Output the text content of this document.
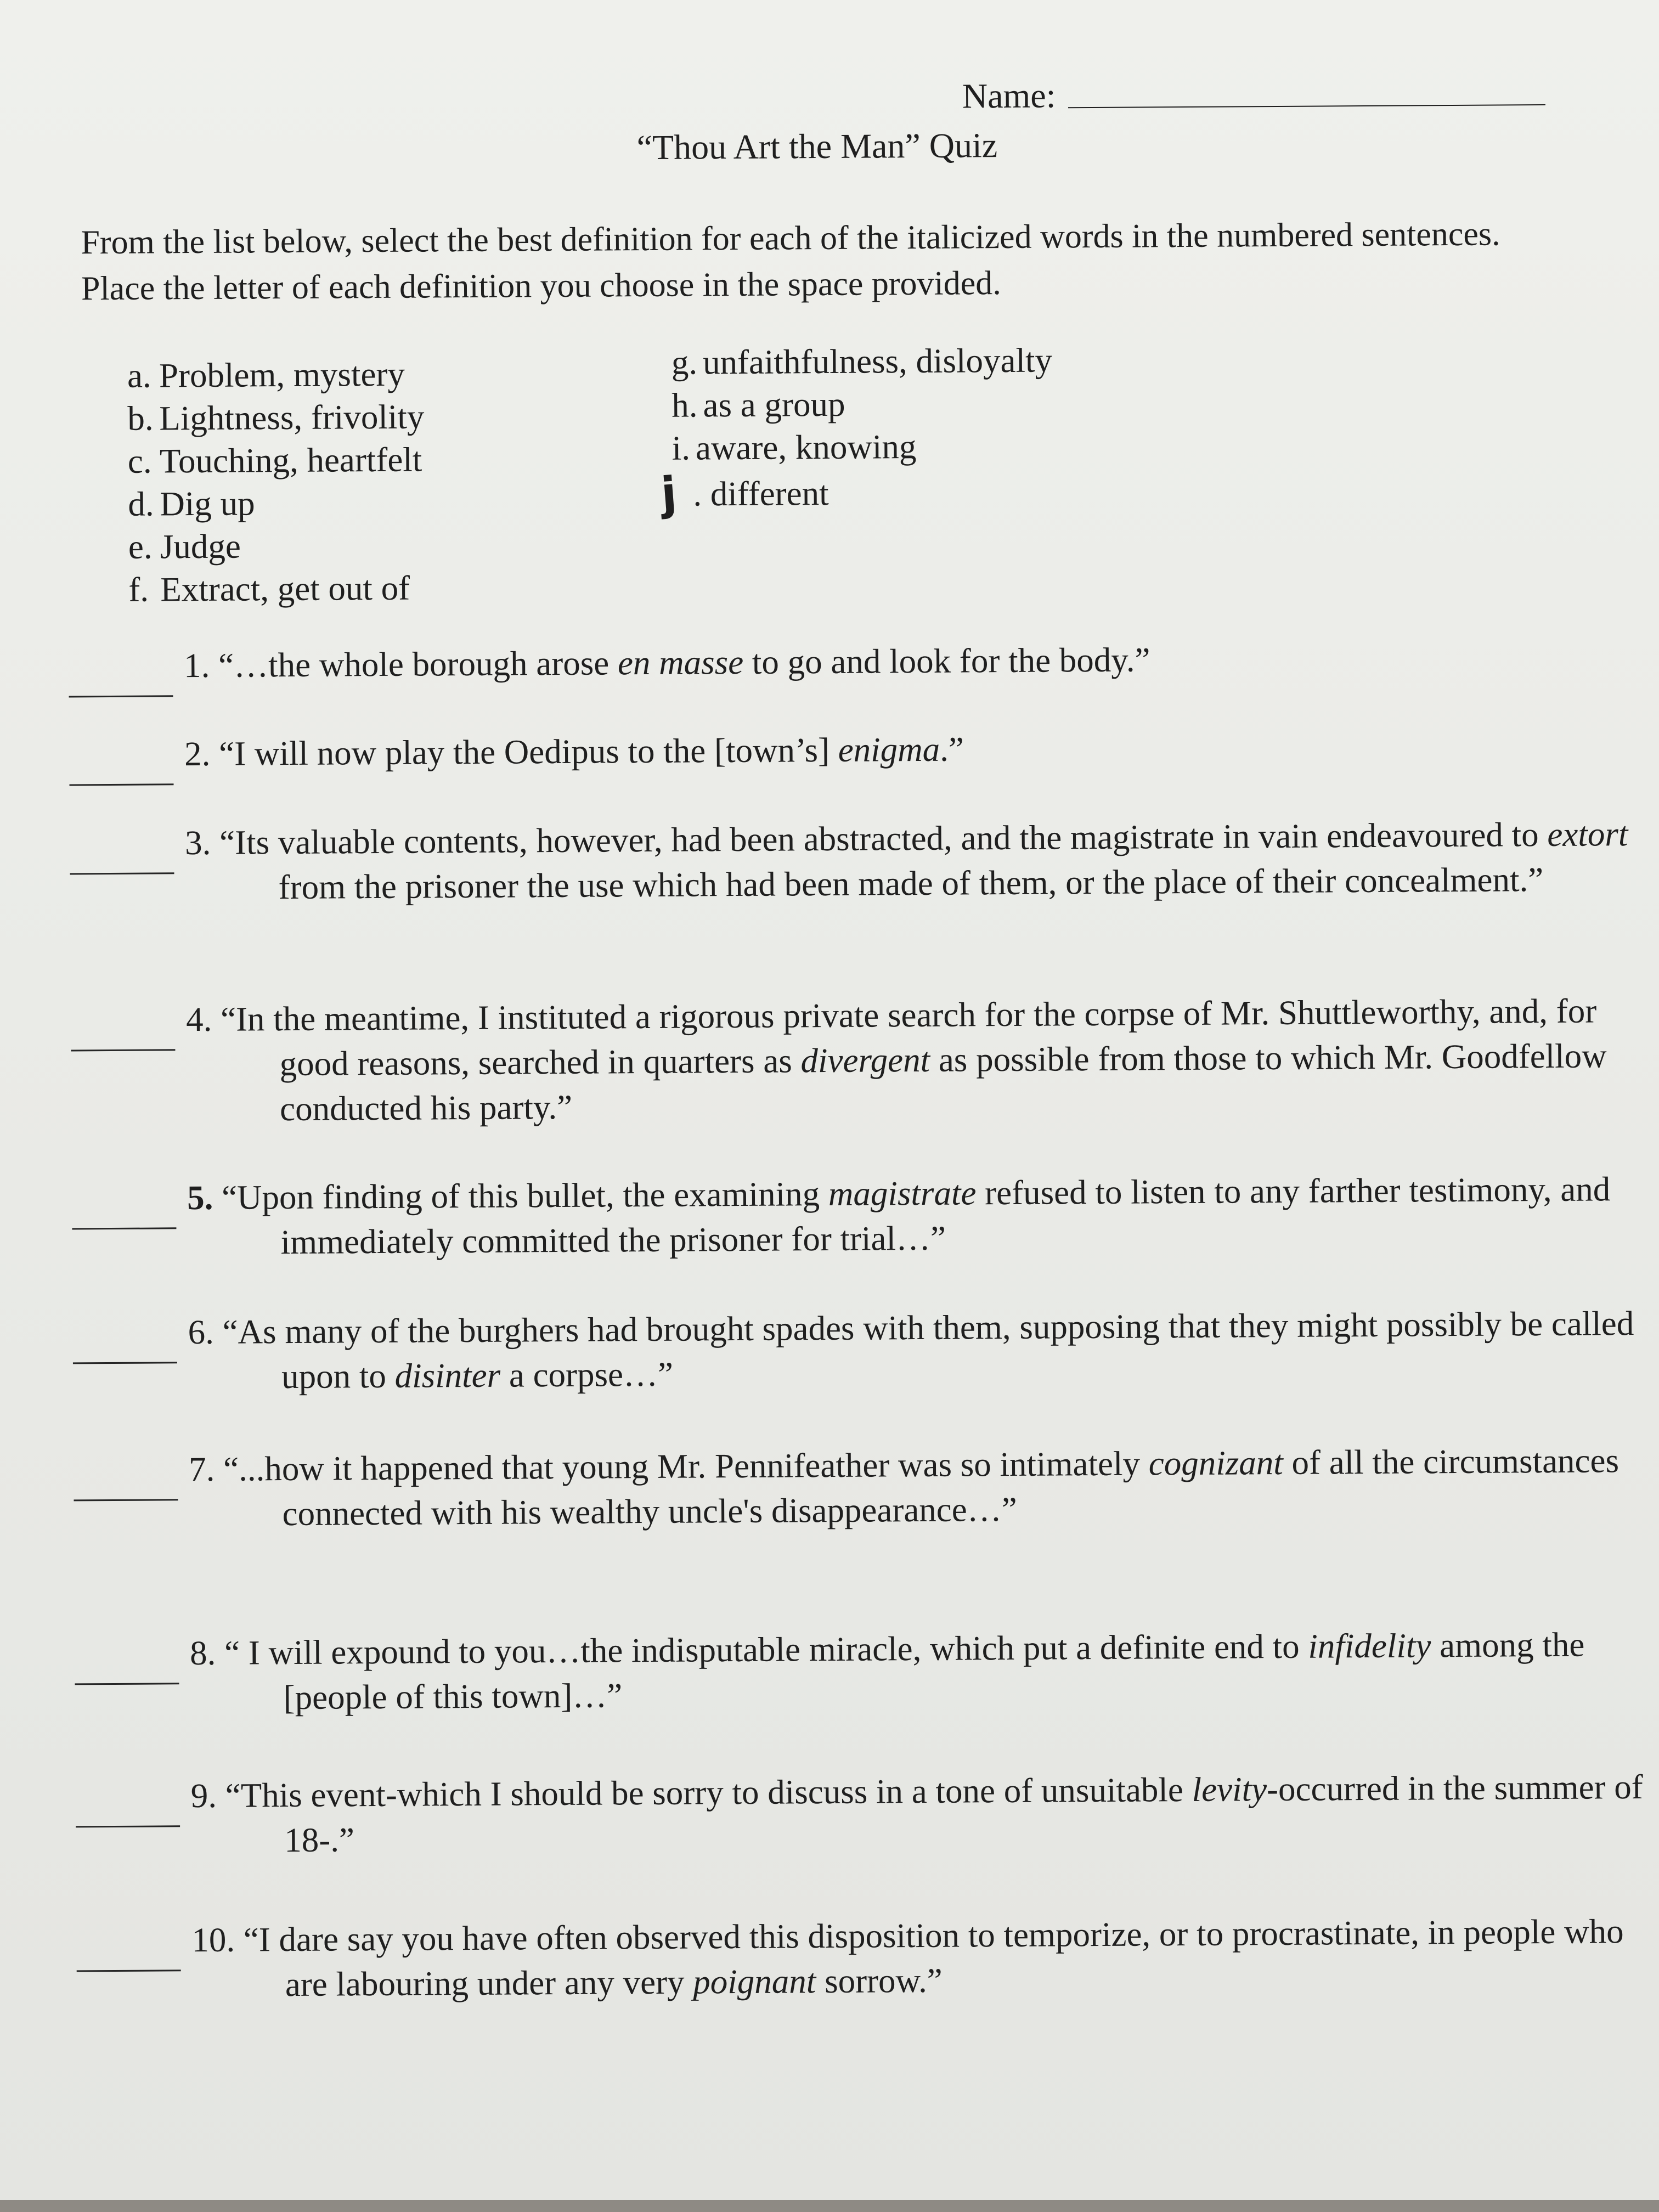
Name:
“Thou Art the Man” Quiz

From the list below, select the best definition for each of the italicized words in the numbered sentences. Place the letter of each definition you choose in the space provided.

a. Problem, mystery
b. Lightness, frivolity
c. Touching, heartfelt
d. Dig up
e. Judge
f. Extract, get out of
g. unfaithfulness, disloyalty
h. as a group
i. aware, knowing
j . different
1. “…the whole borough arose en masse to go and look for the body.”
2. “I will now play the Oedipus to the [town’s] enigma.”
3. “Its valuable contents, however, had been abstracted, and the magistrate in vain endeavoured to extort from the prisoner the use which had been made of them, or the place of their concealment.”
4. “In the meantime, I instituted a rigorous private search for the corpse of Mr. Shuttleworthy, and, for good reasons, searched in quarters as divergent as possible from those to which Mr. Goodfellow conducted his party.”
5. “Upon finding of this bullet, the examining magistrate refused to listen to any farther testimony, and immediately committed the prisoner for trial…”
6. “As many of the burghers had brought spades with them, supposing that they might possibly be called upon to disinter a corpse…”
7. “...how it happened that young Mr. Pennifeather was so intimately cognizant of all the circumstances connected with his wealthy uncle's disappearance…”
8. “ I will expound to you…the indisputable miracle, which put a definite end to infidelity among the [people of this town]…”
9. “This event-which I should be sorry to discuss in a tone of unsuitable levity-occurred in the summer of 18-.”
10. “I dare say you have often observed this disposition to temporize, or to procrastinate, in people who are labouring under any very poignant sorrow.”
